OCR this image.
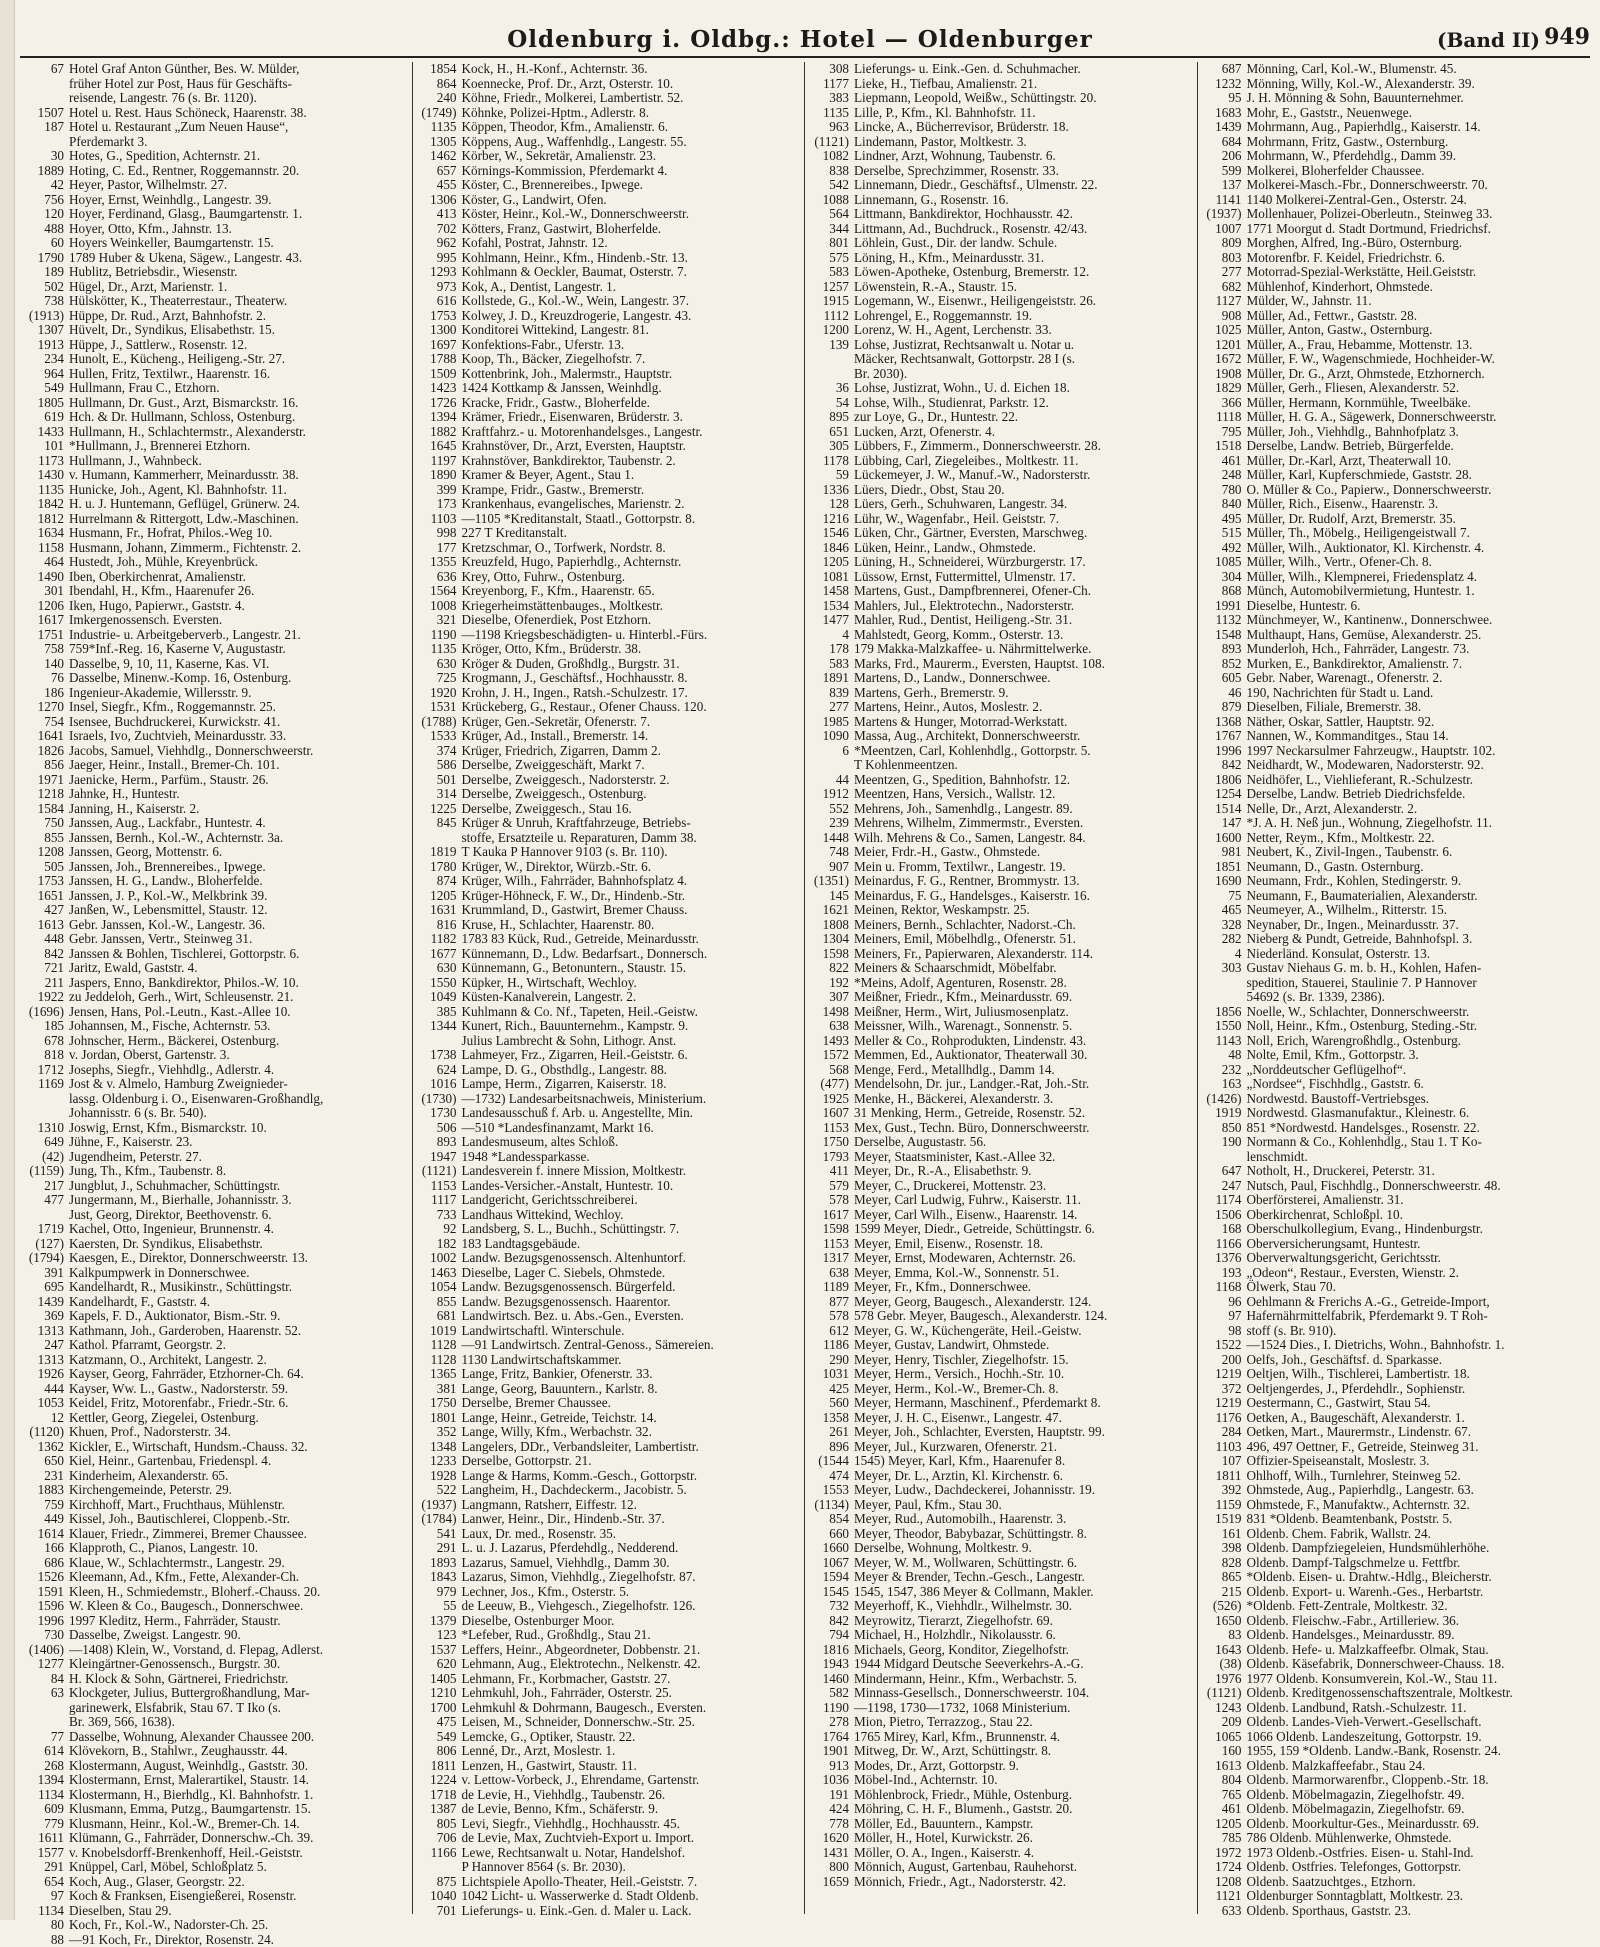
Oldenburg i. Oldbg.: Hotel — Oldenburger	(Band II) 949
67 Hotel Graf Anton Günther, Bes. W. Mülder,
früher Hotel zur Post, Haus für Geschäfts-
reisende, Langestr. 76 (s. Br. 1120).
1507 Hotel u. Rest. Haus Schöneck, Haarenstr. 38.
187 Hotel u. Restaurant „Zum Neuen Hause“,
Pferdemarkt 3.
30 Hotes, G., Spedition, Achternstr. 21.
1889 Hoting, C. Ed., Rentner, Roggemannstr. 20.
42 Heyer, Pastor, Wilhelmstr. 27.
756 Hoyer, Ernst, Weinhdlg., Langestr. 39.
120 Hoyer, Ferdinand, Glasg., Baumgartenstr. 1.
488 Hoyer, Otto, Kfm., Jahnstr. 13.
60 Hoyers Weinkeller, Baumgartenstr. 15.
1790 1789 Huber & Ukena, Sägew., Langestr. 43.
189 Hublitz, Betriebsdir., Wiesenstr.
502 Hügel, Dr., Arzt, Marienstr. 1.
738 Hülskötter, K., Theaterrestaur., Theaterw.
(1913) Hüppe, Dr. Rud., Arzt, Bahnhofstr. 2.
1307 Hüvelt, Dr., Syndikus, Elisabethstr. 15.
1913 Hüppe, J., Sattlerw., Rosenstr. 12.
234 Hunolt, E., Kücheng., Heiligeng.-Str. 27.
964 Hullen, Fritz, Textilwr., Haarenstr. 16.
549 Hullmann, Frau C., Etzhorn.
1805 Hullmann, Dr. Gust., Arzt, Bismarckstr. 16.
619 Hch. & Dr. Hullmann, Schloss, Ostenburg.
1433 Hullmann, H., Schlachtermstr., Alexanderstr.
101 *Hullmann, J., Brennerei Etzhorn.
1173 Hullmann, J., Wahnbeck.
1430 v. Humann, Kammerherr, Meinardusstr. 38.
1135 Hunicke, Joh., Agent, Kl. Bahnhofstr. 11.
1842 H. u. J. Huntemann, Geflügel, Grünerw. 24.
1812 Hurrelmann & Rittergott, Ldw.-Maschinen.
1634 Husmann, Fr., Hofrat, Philos.-Weg 10.
1158 Husmann, Johann, Zimmerm., Fichtenstr. 2.
464 Hustedt, Joh., Mühle, Kreyenbrück.
1490 Iben, Oberkirchenrat, Amalienstr.
301 Ibendahl, H., Kfm., Haarenufer 26.
1206 Iken, Hugo, Papierwr., Gaststr. 4.
1617 Imkergenossensch. Eversten.
1751 Industrie- u. Arbeitgeberverb., Langestr. 21.
758 759*Inf.-Reg. 16, Kaserne V, Augustastr.
140 Dasselbe, 9, 10, 11, Kaserne, Kas. VI.
76 Dasselbe, Minenw.-Komp. 16, Ostenburg.
186 Ingenieur-Akademie, Willersstr. 9.
1270 Insel, Siegfr., Kfm., Roggemannstr. 25.
754 Isensee, Buchdruckerei, Kurwickstr. 41.
1641 Israels, Ivo, Zuchtvieh, Meinardusstr. 33.
1826 Jacobs, Samuel, Viehhdlg., Donnerschweerstr.
856 Jaeger, Heinr., Install., Bremer-Ch. 101.
1971 Jaenicke, Herm., Parfüm., Staustr. 26.
1218 Jahnke, H., Huntestr.
1584 Janning, H., Kaiserstr. 2.
750 Janssen, Aug., Lackfabr., Huntestr. 4.
855 Janssen, Bernh., Kol.-W., Achternstr. 3a.
1208 Janssen, Georg, Mottenstr. 6.
505 Janssen, Joh., Brennereibes., Ipwege.
1753 Janssen, H. G., Landw., Bloherfelde.
1651 Janssen, J. P., Kol.-W., Melkbrink 39.
427 Janßen, W., Lebensmittel, Staustr. 12.
1613 Gebr. Janssen, Kol.-W., Langestr. 36.
448 Gebr. Janssen, Vertr., Steinweg 31.
842 Janssen & Bohlen, Tischlerei, Gottorpstr. 6.
721 Jaritz, Ewald, Gaststr. 4.
211 Jaspers, Enno, Bankdirektor, Philos.-W. 10.
1922 zu Jeddeloh, Gerh., Wirt, Schleusenstr. 21.
(1696) Jensen, Hans, Pol.-Leutn., Kast.-Allee 10.
185 Johannsen, M., Fische, Achternstr. 53.
678 Johnscher, Herm., Bäckerei, Ostenburg.
818 v. Jordan, Oberst, Gartenstr. 3.
1712 Josephs, Siegfr., Viehhdlg., Adlerstr. 4.
1169 Jost & v. Almelo, Hamburg Zweignieder-
lassg. Oldenburg i. O., Eisenwaren-Großhandlg,
Johannisstr. 6 (s. Br. 540).
1310 Joswig, Ernst, Kfm., Bismarckstr. 10.
649 Jühne, F., Kaiserstr. 23.
(42) Jugendheim, Peterstr. 27.
(1159) Jung, Th., Kfm., Taubenstr. 8.
217 Jungblut, J., Schuhmacher, Schüttingstr.
477 Jungermann, M., Bierhalle, Johannisstr. 3.
Just, Georg, Direktor, Beethovenstr. 6.
1719 Kachel, Otto, Ingenieur, Brunnenstr. 4.
(127) Kaersten, Dr. Syndikus, Elisabethstr.
(1794) Kaesgen, E., Direktor, Donnerschweerstr. 13.
391 Kalkpumpwerk in Donnerschwee.
695 Kandelhardt, R., Musikinstr., Schüttingstr.
1439 Kandelhardt, F., Gaststr. 4.
369 Kapels, F. D., Auktionator, Bism.-Str. 9.
1313 Kathmann, Joh., Garderoben, Haarenstr. 52.
247 Kathol. Pfarramt, Georgstr. 2.
1313 Katzmann, O., Architekt, Langestr. 2.
1926 Kayser, Georg, Fahrräder, Etzhorner-Ch. 64.
444 Kayser, Ww. L., Gastw., Nadorsterstr. 59.
1053 Keidel, Fritz, Motorenfabr., Friedr.-Str. 6.
12 Kettler, Georg, Ziegelei, Ostenburg.
(1120) Khuen, Prof., Nadorsterstr. 34.
1362 Kickler, E., Wirtschaft, Hundsm.-Chauss. 32.
650 Kiel, Heinr., Gartenbau, Friedenspl. 4.
231 Kinderheim, Alexanderstr. 65.
1883 Kirchengemeinde, Peterstr. 29.
759 Kirchhoff, Mart., Fruchthaus, Mühlenstr.
449 Kissel, Joh., Bautischlerei, Cloppenb.-Str.
1614 Klauer, Friedr., Zimmerei, Bremer Chaussee.
166 Klapproth, C., Pianos, Langestr. 10.
686 Klaue, W., Schlachtermstr., Langestr. 29.
1526 Kleemann, Ad., Kfm., Fette, Alexander-Ch.
1591 Kleen, H., Schmiedemstr., Bloherf.-Chauss. 20.
1596 W. Kleen & Co., Baugesch., Donnerschwee.
1996 1997 Kleditz, Herm., Fahrräder, Staustr.
730 Dasselbe, Zweigst. Langestr. 90.
(1406) —1408) Klein, W., Vorstand, d. Flepag, Adlerst.
1277 Kleingärtner-Genossensch., Burgstr. 30.
84 H. Klock & Sohn, Gärtnerei, Friedrichstr.
63 Klockgeter, Julius, Buttergroßhandlung, Mar-
garinewerk, Elsfabrik, Stau 67. T Iko (s.
Br. 369, 566, 1638).
77 Dasselbe, Wohnung, Alexander Chaussee 200.
614 Klövekorn, B., Stahlwr., Zeughausstr. 44.
268 Klostermann, August, Weinhdlg., Gaststr. 30.
1394 Klostermann, Ernst, Malerartikel, Staustr. 14.
1134 Klostermann, H., Bierhdlg., Kl. Bahnhofstr. 1.
609 Klusmann, Emma, Putzg., Baumgartenstr. 15.
779 Klusmann, Heinr., Kol.-W., Bremer-Ch. 14.
1611 Klümann, G., Fahrräder, Donnerschw.-Ch. 39.
1577 v. Knobelsdorff-Brenkenhoff, Heil.-Geiststr.
291 Knüppel, Carl, Möbel, Schloßplatz 5.
654 Koch, Aug., Glaser, Georgstr. 22.
97 Koch & Franksen, Eisengießerei, Rosenstr.
1134 Dieselben, Stau 29.
80 Koch, Fr., Kol.-W., Nadorster-Ch. 25.
88 —91 Koch, Fr., Direktor, Rosenstr. 24.
1854 Kock, H., H.-Konf., Achternstr. 36.
864 Koennecke, Prof. Dr., Arzt, Osterstr. 10.
240 Köhne, Friedr., Molkerei, Lambertistr. 52.
(1749) Köhnke, Polizei-Hptm., Adlerstr. 8.
1135 Köppen, Theodor, Kfm., Amalienstr. 6.
1305 Köppens, Aug., Waffenhdlg., Langestr. 55.
1462 Körber, W., Sekretär, Amalienstr. 23.
657 Körnings-Kommission, Pferdemarkt 4.
455 Köster, C., Brennereibes., Ipwege.
1306 Köster, G., Landwirt, Ofen.
413 Köster, Heinr., Kol.-W., Donnerschweerstr.
702 Kötters, Franz, Gastwirt, Bloherfelde.
962 Kofahl, Postrat, Jahnstr. 12.
995 Kohlmann, Heinr., Kfm., Hindenb.-Str. 13.
1293 Kohlmann & Oeckler, Baumat, Osterstr. 7.
973 Kok, A., Dentist, Langestr. 1.
616 Kollstede, G., Kol.-W., Wein, Langestr. 37.
1753 Kolwey, J. D., Kreuzdrogerie, Langestr. 43.
1300 Konditorei Wittekind, Langestr. 81.
1697 Konfektions-Fabr., Uferstr. 13.
1788 Koop, Th., Bäcker, Ziegelhofstr. 7.
1509 Kottenbrink, Joh., Malermstr., Hauptstr.
1423 1424 Kottkamp & Janssen, Weinhdlg.
1726 Kracke, Fridr., Gastw., Bloherfelde.
1394 Krämer, Friedr., Eisenwaren, Brüderstr. 3.
1882 Kraftfahrz.- u. Motorenhandelsges., Langestr.
1645 Krahnstöver, Dr., Arzt, Eversten, Hauptstr.
1197 Krahnstöver, Bankdirektor, Taubenstr. 2.
1890 Kramer & Beyer, Agent., Stau 1.
399 Krampe, Fridr., Gastw., Bremerstr.
173 Krankenhaus, evangelisches, Marienstr. 2.
1103 —1105 *Kreditanstalt, Staatl., Gottorpstr. 8.
998 227 T Kreditanstalt.
177 Kretzschmar, O., Torfwerk, Nordstr. 8.
1355 Kreuzfeld, Hugo, Papierhdlg., Achternstr.
636 Krey, Otto, Fuhrw., Ostenburg.
1564 Kreyenborg, F., Kfm., Haarenstr. 65.
1008 Kriegerheimstättenbauges., Moltkestr.
321 Dieselbe, Ofenerdiek, Post Etzhorn.
1190 —1198 Kriegsbeschädigten- u. Hinterbl.-Fürs.
1135 Kröger, Otto, Kfm., Brüderstr. 38.
630 Kröger & Duden, Großhdlg., Burgstr. 31.
725 Krogmann, J., Geschäftsf., Hochhausstr. 8.
1920 Krohn, J. H., Ingen., Ratsh.-Schulzestr. 17.
1531 Krückeberg, G., Restaur., Ofener Chauss. 120.
(1788) Krüger, Gen.-Sekretär, Ofenerstr. 7.
1533 Krüger, Ad., Install., Bremerstr. 14.
374 Krüger, Friedrich, Zigarren, Damm 2.
586 Derselbe, Zweiggeschäft, Markt 7.
501 Derselbe, Zweiggesch., Nadorsterstr. 2.
314 Derselbe, Zweiggesch., Ostenburg.
1225 Derselbe, Zweiggesch., Stau 16.
845 Krüger & Unruh, Kraftfahrzeuge, Betriebs-
stoffe, Ersatzteile u. Reparaturen, Damm 38.
1819 T Kauka P Hannover 9103 (s. Br. 110).
1780 Krüger, W., Direktor, Würzb.-Str. 6.
874 Krüger, Wilh., Fahrräder, Bahnhofsplatz 4.
1205 Krüger-Höhneck, F. W., Dr., Hindenb.-Str.
1631 Krummland, D., Gastwirt, Bremer Chauss.
816 Kruse, H., Schlachter, Haarenstr. 80.
1182 1783 83 Kück, Rud., Getreide, Meinardusstr.
1677 Künnemann, D., Ldw. Bedarfsart., Donnersch.
630 Künnemann, G., Betonuntern., Staustr. 15.
1550 Küpker, H., Wirtschaft, Wechloy.
1049 Küsten-Kanalverein, Langestr. 2.
385 Kuhlmann & Co. Nf., Tapeten, Heil.-Geistw.
1344 Kunert, Rich., Bauunternehm., Kampstr. 9.
Julius Lambrecht & Sohn, Lithogr. Anst.
1738 Lahmeyer, Frz., Zigarren, Heil.-Geiststr. 6.
624 Lampe, D. G., Obsthdlg., Langestr. 88.
1016 Lampe, Herm., Zigarren, Kaiserstr. 18.
(1730) —1732) Landesarbeitsnachweis, Ministerium.
1730 Landesausschuß f. Arb. u. Angestellte, Min.
506 —510 *Landesfinanzamt, Markt 16.
893 Landesmuseum, altes Schloß.
1947 1948 *Landessparkasse.
(1121) Landesverein f. innere Mission, Moltkestr.
1153 Landes-Versicher.-Anstalt, Huntestr. 10.
1117 Landgericht, Gerichtsschreiberei.
733 Landhaus Wittekind, Wechloy.
92 Landsberg, S. L., Buchh., Schüttingstr. 7.
182 183 Landtagsgebäude.
1002 Landw. Bezugsgenossensch. Altenhuntorf.
1463 Dieselbe, Lager C. Siebels, Ohmstede.
1054 Landw. Bezugsgenossensch. Bürgerfeld.
855 Landw. Bezugsgenossensch. Haarentor.
681 Landwirtsch. Bez. u. Abs.-Gen., Eversten.
1019 Landwirtschaftl. Winterschule.
1128 —91 Landwirtsch. Zentral-Genoss., Sämereien.
1128 1130 Landwirtschaftskammer.
1365 Lange, Fritz, Bankier, Ofenerstr. 33.
381 Lange, Georg, Bauuntern., Karlstr. 8.
1750 Derselbe, Bremer Chaussee.
1801 Lange, Heinr., Getreide, Teichstr. 14.
352 Lange, Willy, Kfm., Werbachstr. 32.
1348 Langelers, DDr., Verbandsleiter, Lambertistr.
1233 Derselbe, Gottorpstr. 21.
1928 Lange & Harms, Komm.-Gesch., Gottorpstr.
522 Langheim, H., Dachdeckerm., Jacobistr. 5.
(1937) Langmann, Ratsherr, Eiffestr. 12.
(1784) Lanwer, Heinr., Dir., Hindenb.-Str. 37.
541 Laux, Dr. med., Rosenstr. 35.
291 L. u. J. Lazarus, Pferdehdlg., Nedderend.
1893 Lazarus, Samuel, Viehhdlg., Damm 30.
1843 Lazarus, Simon, Viehhdlg., Ziegelhofstr. 87.
979 Lechner, Jos., Kfm., Osterstr. 5.
55 de Leeuw, B., Viehgesch., Ziegelhofstr. 126.
1379 Dieselbe, Ostenburger Moor.
123 *Lefeber, Rud., Großhdlg., Stau 21.
1537 Leffers, Heinr., Abgeordneter, Dobbenstr. 21.
620 Lehmann, Aug., Elektrotechn., Nelkenstr. 42.
1405 Lehmann, Fr., Korbmacher, Gaststr. 27.
1210 Lehmkuhl, Joh., Fahrräder, Osterstr. 25.
1700 Lehmkuhl & Dohrmann, Baugesch., Eversten.
475 Leisen, M., Schneider, Donnerschw.-Str. 25.
549 Lemcke, G., Optiker, Staustr. 22.
806 Lenné, Dr., Arzt, Moslestr. 1.
1811 Lenzen, H., Gastwirt, Staustr. 11.
1224 v. Lettow-Vorbeck, J., Ehrendame, Gartenstr.
1718 de Levie, H., Viehhdlg., Taubenstr. 26.
1387 de Levie, Benno, Kfm., Schäferstr. 9.
805 Levi, Siegfr., Viehhdlg., Hochhausstr. 45.
706 de Levie, Max, Zuchtvieh-Export u. Import.
1166 Lewe, Rechtsanwalt u. Notar, Handelshof.
P Hannover 8564 (s. Br. 2030).
875 Lichtspiele Apollo-Theater, Heil.-Geiststr. 7.
1040 1042 Licht- u. Wasserwerke d. Stadt Oldenb.
701 Lieferungs- u. Eink.-Gen. d. Maler u. Lack.
308 Lieferungs- u. Eink.-Gen. d. Schuhmacher.
1177 Lieke, H., Tiefbau, Amalienstr. 21.
383 Liepmann, Leopold, Weißw., Schüttingstr. 20.
1135 Lille, P., Kfm., Kl. Bahnhofstr. 11.
963 Lincke, A., Bücherrevisor, Brüderstr. 18.
(1121) Lindemann, Pastor, Moltkestr. 3.
1082 Lindner, Arzt, Wohnung, Taubenstr. 6.
838 Derselbe, Sprechzimmer, Rosenstr. 33.
542 Linnemann, Diedr., Geschäftsf., Ulmenstr. 22.
1088 Linnemann, G., Rosenstr. 16.
564 Littmann, Bankdirektor, Hochhausstr. 42.
344 Littmann, Ad., Buchdruck., Rosenstr. 42/43.
801 Löhlein, Gust., Dir. der landw. Schule.
575 Löning, H., Kfm., Meinardusstr. 31.
583 Löwen-Apotheke, Ostenburg, Bremerstr. 12.
1257 Löwenstein, R.-A., Staustr. 15.
1915 Logemann, W., Eisenwr., Heiligengeiststr. 26.
1112 Lohrengel, E., Roggemannstr. 19.
1200 Lorenz, W. H., Agent, Lerchenstr. 33.
139 Lohse, Justizrat, Rechtsanwalt u. Notar u.
Mäcker, Rechtsanwalt, Gottorpstr. 28 I (s.
Br. 2030).
36 Lohse, Justizrat, Wohn., U. d. Eichen 18.
54 Lohse, Wilh., Studienrat, Parkstr. 12.
895 zur Loye, G., Dr., Huntestr. 22.
651 Lucken, Arzt, Ofenerstr. 4.
305 Lübbers, F., Zimmerm., Donnerschweerstr. 28.
1178 Lübbing, Carl, Ziegeleibes., Moltkestr. 11.
59 Lückemeyer, J. W., Manuf.-W., Nadorsterstr.
1336 Lüers, Diedr., Obst, Stau 20.
128 Lüers, Gerh., Schuhwaren, Langestr. 34.
1216 Lühr, W., Wagenfabr., Heil. Geiststr. 7.
1546 Lüken, Chr., Gärtner, Eversten, Marschweg.
1846 Lüken, Heinr., Landw., Ohmstede.
1205 Lüning, H., Schneiderei, Würzburgerstr. 17.
1081 Lüssow, Ernst, Futtermittel, Ulmenstr. 17.
1458 Martens, Gust., Dampfbrennerei, Ofener-Ch.
1534 Mahlers, Jul., Elektrotechn., Nadorsterstr.
1477 Mahler, Rud., Dentist, Heiligeng.-Str. 31.
4 Mahlstedt, Georg, Komm., Osterstr. 13.
178 179 Makka-Malzkaffee- u. Nährmittelwerke.
583 Marks, Frd., Maurerm., Eversten, Hauptst. 108.
1891 Martens, D., Landw., Donnerschwee.
839 Martens, Gerh., Bremerstr. 9.
277 Martens, Heinr., Autos, Moslestr. 2.
1985 Martens & Hunger, Motorrad-Werkstatt.
1090 Massa, Aug., Architekt, Donnerschweerstr.
6 *Meentzen, Carl, Kohlenhdlg., Gottorpstr. 5.
T Kohlenmeentzen.
44 Meentzen, G., Spedition, Bahnhofstr. 12.
1912 Meentzen, Hans, Versich., Wallstr. 12.
552 Mehrens, Joh., Samenhdlg., Langestr. 89.
239 Mehrens, Wilhelm, Zimmermstr., Eversten.
1448 Wilh. Mehrens & Co., Samen, Langestr. 84.
748 Meier, Frdr.-H., Gastw., Ohmstede.
907 Mein u. Fromm, Textilwr., Langestr. 19.
(1351) Meinardus, F. G., Rentner, Brommystr. 13.
145 Meinardus, F. G., Handelsges., Kaiserstr. 16.
1621 Meinen, Rektor, Weskampstr. 25.
1808 Meiners, Bernh., Schlachter, Nadorst.-Ch.
1304 Meiners, Emil, Möbelhdlg., Ofenerstr. 51.
1598 Meiners, Fr., Papierwaren, Alexanderstr. 114.
822 Meiners & Schaarschmidt, Möbelfabr.
192 *Meins, Adolf, Agenturen, Rosenstr. 28.
307 Meißner, Friedr., Kfm., Meinardusstr. 69.
1498 Meißner, Herm., Wirt, Juliusmosenplatz.
638 Meissner, Wilh., Warenagt., Sonnenstr. 5.
1493 Meller & Co., Rohprodukten, Lindenstr. 43.
1572 Memmen, Ed., Auktionator, Theaterwall 30.
568 Menge, Ferd., Metallhdlg., Damm 14.
(477) Mendelsohn, Dr. jur., Landger.-Rat, Joh.-Str.
1925 Menke, H., Bäckerei, Alexanderstr. 3.
1607 31 Menking, Herm., Getreide, Rosenstr. 52.
1153 Mex, Gust., Techn. Büro, Donnerschweerstr.
1750 Derselbe, Augustastr. 56.
1793 Meyer, Staatsminister, Kast.-Allee 32.
411 Meyer, Dr., R.-A., Elisabethstr. 9.
579 Meyer, C., Druckerei, Mottenstr. 23.
578 Meyer, Carl Ludwig, Fuhrw., Kaiserstr. 11.
1617 Meyer, Carl Wilh., Eisenw., Haarenstr. 14.
1598 1599 Meyer, Diedr., Getreide, Schüttingstr. 6.
1153 Meyer, Emil, Eisenw., Rosenstr. 18.
1317 Meyer, Ernst, Modewaren, Achternstr. 26.
638 Meyer, Emma, Kol.-W., Sonnenstr. 51.
1189 Meyer, Fr., Kfm., Donnerschwee.
877 Meyer, Georg, Baugesch., Alexanderstr. 124.
578 578 Gebr. Meyer, Baugesch., Alexanderstr. 124.
612 Meyer, G. W., Küchengeräte, Heil.-Geistw.
1186 Meyer, Gustav, Landwirt, Ohmstede.
290 Meyer, Henry, Tischler, Ziegelhofstr. 15.
1031 Meyer, Herm., Versich., Hochh.-Str. 10.
425 Meyer, Herm., Kol.-W., Bremer-Ch. 8.
560 Meyer, Hermann, Maschinenf., Pferdemarkt 8.
1358 Meyer, J. H. C., Eisenwr., Langestr. 47.
261 Meyer, Joh., Schlachter, Eversten, Hauptstr. 99.
896 Meyer, Jul., Kurzwaren, Ofenerstr. 21.
(1544 1545) Meyer, Karl, Kfm., Haarenufer 8.
474 Meyer, Dr. L., Arztin, Kl. Kirchenstr. 6.
1553 Meyer, Ludw., Dachdeckerei, Johannisstr. 19.
(1134) Meyer, Paul, Kfm., Stau 30.
854 Meyer, Rud., Automobilh., Haarenstr. 3.
660 Meyer, Theodor, Babybazar, Schüttingstr. 8.
1660 Derselbe, Wohnung, Moltkestr. 9.
1067 Meyer, W. M., Wollwaren, Schüttingstr. 6.
1594 Meyer & Brender, Techn.-Gesch., Langestr.
1545 1545, 1547, 386 Meyer & Collmann, Makler.
732 Meyerhoff, K., Viehhdlr., Wilhelmstr. 30.
842 Meyrowitz, Tierarzt, Ziegelhofstr. 69.
794 Michael, H., Holzhdlr., Nikolausstr. 6.
1816 Michaels, Georg, Konditor, Ziegelhofstr.
1943 1944 Midgard Deutsche Seeverkehrs-A.-G.
1460 Mindermann, Heinr., Kfm., Werbachstr. 5.
582 Minnass-Gesellsch., Donnerschweerstr. 104.
1190 —1198, 1730—1732, 1068 Ministerium.
278 Mion, Pietro, Terrazzog., Stau 22.
1764 1765 Mirey, Karl, Kfm., Brunnenstr. 4.
1901 Mitweg, Dr. W., Arzt, Schüttingstr. 8.
913 Modes, Dr., Arzt, Gottorpstr. 9.
1036 Möbel-Ind., Achternstr. 10.
191 Möhlenbrock, Friedr., Mühle, Ostenburg.
424 Möhring, C. H. F., Blumenh., Gaststr. 20.
778 Möller, Ed., Bauuntern., Kampstr.
1620 Möller, H., Hotel, Kurwickstr. 26.
1431 Möller, O. A., Ingen., Kaiserstr. 4.
800 Mönnich, August, Gartenbau, Rauhehorst.
1659 Mönnich, Friedr., Agt., Nadorsterstr. 42.
687 Mönning, Carl, Kol.-W., Blumenstr. 45.
1232 Mönning, Willy, Kol.-W., Alexanderstr. 39.
95 J. H. Mönning & Sohn, Bauunternehmer.
1683 Mohr, E., Gaststr., Neuenwege.
1439 Mohrmann, Aug., Papierhdlg., Kaiserstr. 14.
684 Mohrmann, Fritz, Gastw., Osternburg.
206 Mohrmann, W., Pferdehdlg., Damm 39.
599 Molkerei, Bloherfelder Chaussee.
137 Molkerei-Masch.-Fbr., Donnerschweerstr. 70.
1141 1140 Molkerei-Zentral-Gen., Osterstr. 24.
(1937) Mollenhauer, Polizei-Oberleutn., Steinweg 33.
1007 1771 Moorgut d. Stadt Dortmund, Friedrichsf.
809 Morghen, Alfred, Ing.-Büro, Osternburg.
803 Motorenfbr. F. Keidel, Friedrichstr. 6.
277 Motorrad-Spezial-Werkstätte, Heil.Geiststr.
682 Mühlenhof, Kinderhort, Ohmstede.
1127 Mülder, W., Jahnstr. 11.
908 Müller, Ad., Fettwr., Gaststr. 28.
1025 Müller, Anton, Gastw., Osternburg.
1201 Müller, A., Frau, Hebamme, Mottenstr. 13.
1672 Müller, F. W., Wagenschmiede, Hochheider-W.
1908 Müller, Dr. G., Arzt, Ohmstede, Etzhornerch.
1829 Müller, Gerh., Fliesen, Alexanderstr. 52.
366 Müller, Hermann, Kornmühle, Tweelbäke.
1118 Müller, H. G. A., Sägewerk, Donnerschweerstr.
795 Müller, Joh., Viehhdlg., Bahnhofplatz 3.
1518 Derselbe, Landw. Betrieb, Bürgerfelde.
461 Müller, Dr.-Karl, Arzt, Theaterwall 10.
248 Müller, Karl, Kupferschmiede, Gaststr. 28.
780 O. Müller & Co., Papierw., Donnerschweerstr.
840 Müller, Rich., Eisenw., Haarenstr. 3.
495 Müller, Dr. Rudolf, Arzt, Bremerstr. 35.
515 Müller, Th., Möbelg., Heiligengeistwall 7.
492 Müller, Wilh., Auktionator, Kl. Kirchenstr. 4.
1085 Müller, Wilh., Vertr., Ofener-Ch. 8.
304 Müller, Wilh., Klempnerei, Friedensplatz 4.
868 Münch, Automobilvermietung, Huntestr. 1.
1991 Dieselbe, Huntestr. 6.
1132 Münchmeyer, W., Kantinenw., Donnerschwee.
1548 Multhaupt, Hans, Gemüse, Alexanderstr. 25.
893 Munderloh, Hch., Fahrräder, Langestr. 73.
852 Murken, E., Bankdirektor, Amalienstr. 7.
605 Gebr. Naber, Warenagt., Ofenerstr. 2.
46 190, Nachrichten für Stadt u. Land.
879 Dieselben, Filiale, Bremerstr. 38.
1368 Näther, Oskar, Sattler, Hauptstr. 92.
1767 Nannen, W., Kommanditges., Stau 14.
1996 1997 Neckarsulmer Fahrzeugw., Hauptstr. 102.
842 Neidhardt, W., Modewaren, Nadorsterstr. 92.
1806 Neidhöfer, L., Viehlieferant, R.-Schulzestr.
1254 Derselbe, Landw. Betrieb Diedrichsfelde.
1514 Nelle, Dr., Arzt, Alexanderstr. 2.
147 *J. A. H. Neß jun., Wohnung, Ziegelhofstr. 11.
1600 Netter, Reym., Kfm., Moltkestr. 22.
981 Neubert, K., Zivil-Ingen., Taubenstr. 6.
1851 Neumann, D., Gastn. Osternburg.
1690 Neumann, Frdr., Kohlen, Stedingerstr. 9.
75 Neumann, F., Baumaterialien, Alexanderstr.
465 Neumeyer, A., Wilhelm., Ritterstr. 15.
328 Neynaber, Dr., Ingen., Meinardusstr. 37.
282 Nieberg & Pundt, Getreide, Bahnhofspl. 3.
4 Niederländ. Konsulat, Osterstr. 13.
303 Gustav Niehaus G. m. b. H., Kohlen, Hafen-
spedition, Stauerei, Staulinie 7. P Hannover
54692 (s. Br. 1339, 2386).
1856 Noelle, W., Schlachter, Donnerschweerstr.
1550 Noll, Heinr., Kfm., Ostenburg, Steding.-Str.
1143 Noll, Erich, Warengroßhdlg., Ostenburg.
48 Nolte, Emil, Kfm., Gottorpstr. 3.
232 „Norddeutscher Geflügelhof“.
163 „Nordsee“, Fischhdlg., Gaststr. 6.
(1426) Nordwestd. Baustoff-Vertriebsges.
1919 Nordwestd. Glasmanufaktur., Kleinestr. 6.
850 851 *Nordwestd. Handelsges., Rosenstr. 22.
190 Normann & Co., Kohlenhdlg., Stau 1. T Ko-
lenschmidt.
647 Notholt, H., Druckerei, Peterstr. 31.
247 Nutsch, Paul, Fischhdlg., Donnerschweerstr. 48.
1174 Oberförsterei, Amalienstr. 31.
1506 Oberkirchenrat, Schloßpl. 10.
168 Oberschulkollegium, Evang., Hindenburgstr.
1166 Oberversicherungsamt, Huntestr.
1376 Oberverwaltungsgericht, Gerichtsstr.
193 „Odeon“, Restaur., Eversten, Wienstr. 2.
1168 Ölwerk, Stau 70.
96 Oehlmann & Frerichs A.-G., Getreide-Import,
97 Hafernährmittelfabrik, Pferdemarkt 9. T Roh-
98 stoff (s. Br. 910).
1522 —1524 Dies., I. Dietrichs, Wohn., Bahnhofstr. 1.
200 Oelfs, Joh., Geschäftsf. d. Sparkasse.
1219 Oeltjen, Wilh., Tischlerei, Lambertistr. 18.
372 Oeltjengerdes, J., Pferdehdlr., Sophienstr.
1219 Oestermann, C., Gastwirt, Stau 54.
1176 Oetken, A., Baugeschäft, Alexanderstr. 1.
284 Oetken, Mart., Maurermstr., Lindenstr. 67.
1103 496, 497 Oettner, F., Getreide, Steinweg 31.
107 Offizier-Speiseanstalt, Moslestr. 3.
1811 Ohlhoff, Wilh., Turnlehrer, Steinweg 52.
392 Ohmstede, Aug., Papierhdlg., Langestr. 63.
1159 Ohmstede, F., Manufaktw., Achternstr. 32.
1519 831 *Oldenb. Beamtenbank, Poststr. 5.
161 Oldenb. Chem. Fabrik, Wallstr. 24.
398 Oldenb. Dampfziegeleien, Hundsmühlerhöhe.
828 Oldenb. Dampf-Talgschmelze u. Fettfbr.
865 *Oldenb. Eisen- u. Drahtw.-Hdlg., Bleicherstr.
215 Oldenb. Export- u. Warenh.-Ges., Herbartstr.
(526) *Oldenb. Fett-Zentrale, Moltkestr. 32.
1650 Oldenb. Fleischw.-Fabr., Artilleriew. 36.
83 Oldenb. Handelsges., Meinardusstr. 89.
1643 Oldenb. Hefe- u. Malzkaffeefbr. Olmak, Stau.
(38) Oldenb. Käsefabrik, Donnerschweer-Chauss. 18.
1976 1977 Oldenb. Konsumverein, Kol.-W., Stau 11.
(1121) Oldenb. Kreditgenossenschaftszentrale, Moltkestr.
1243 Oldenb. Landbund, Ratsh.-Schulzestr. 11.
209 Oldenb. Landes-Vieh-Verwert.-Gesellschaft.
1065 1066 Oldenb. Landeszeitung, Gottorpstr. 19.
160 1955, 159 *Oldenb. Landw.-Bank, Rosenstr. 24.
1613 Oldenb. Malzkaffeefabr., Stau 24.
804 Oldenb. Marmorwarenfbr., Cloppenb.-Str. 18.
765 Oldenb. Möbelmagazin, Ziegelhofstr. 49.
461 Oldenb. Möbelmagazin, Ziegelhofstr. 69.
1205 Oldenb. Moorkultur-Ges., Meinardusstr. 69.
785 786 Oldenb. Mühlenwerke, Ohmstede.
1972 1973 Oldenb.-Ostfries. Eisen- u. Stahl-Ind.
1724 Oldenb. Ostfries. Telefonges, Gottorpstr.
1208 Oldenb. Saatzuchtges., Etzhorn.
1121 Oldenburger Sonntagblatt, Moltkestr. 23.
633 Oldenb. Sporthaus, Gaststr. 23.
